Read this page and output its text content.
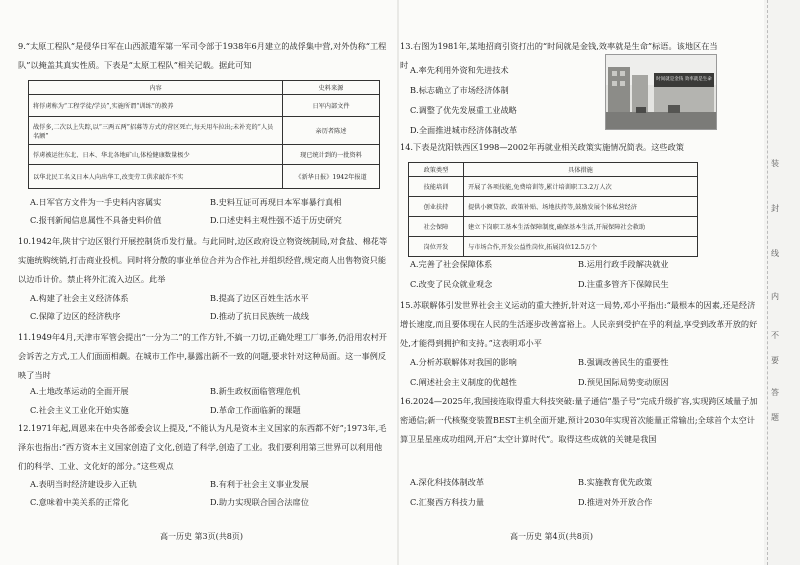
9.“太原工程队”是侵华日军在山西派遣军第一军司令部于1938年6月建立的战俘集中营,对外伪称“工程队”以掩盖其真实性质。下表是“太原工程队”相关记载。据此可知
内容	史料来源
将俘虏称为“工程学徒/学员”,实施所谓“训练”的教养	日军内部文件
战俘多,二次以上失踪,以“三两五两”招募等方式的营区死亡,每天用车拉出;未补充的“人员名额”	亲历者陈述
俘虏被运往东北、日本、华北各地矿山,体检健康数量极少	现已统计到的一批资料
以华北民工名义日本人向出华工,改变劳工供求敲诈不实	《新华日报》1942年报道
A.日军官方文件为一手史料内容属实	B.史料互证可再现日本军事暴行真相
C.报刊新闻信息属性不具备史料价值	D.口述史料主观性强不适于历史研究
10.1942年,陕甘宁边区银行开展控制货币发行量。与此同时,边区政府设立物资统制局,对食盐、棉花等实施统购统销,打击商业投机。同时将分散的事业单位合并为合作社,并组织经营,规定商人出售物资只能以边币计价。禁止将外汇流入边区。此举
A.构建了社会主义经济体系	B.提高了边区百姓生活水平
C.保障了边区的经济秩序	D.推动了抗日民族统一战线
11.1949年4月,天津市军管会提出“一分为二”的工作方针,不搞一刀切,正确处理工厂事务,仍沿用农村开会诉苦之方式,工人们面面相觑。在城市工作中,暴露出新不一致的问题,要求针对这种局面。这一事例反映了当时
A.土地改革运动的全面开展	B.新生政权面临管理危机
C.社会主义工业化开始实施	D.革命工作面临新的课题
12.1971年起,周恩来在中央各部委会议上提及,“不能认为凡是资本主义国家的东西都不好”;1973年,毛泽东也指出:“西方资本主义国家创造了文化,创造了科学,创造了工业。我们要利用第三世界可以利用他们的科学、工业、文化好的部分。”这些观点
A.表明当时经济建设步入正轨	B.有利于社会主义事业发展
C.意味着中美关系的正常化	D.助力实现联合国合法席位
高一历史 第3页(共8页)
13.右图为1981年,某地招商引资打出的“时间就是金钱,效率就是生命”标语。该地区在当时 A.率先利用外资和先进技术
B.标志确立了市场经济体制
C.调整了优先发展重工业战略
D.全面推进城市经济体制改革
时间就是金钱 效率就是生命
14.下表是沈阳铁西区1998—2002年再就业相关政策实施情况简表。这些政策
政策类型	具体措施
技能培训	开展了各项技能,免费培训等,累计培训职工3.2万人次
创业扶持	提供小额贷款、政策补贴、场地扶持等,鼓励发展个体私营经济
社会保障	建立下岗职工基本生活保障制度,确保基本生活,开展保障社会救助
岗位开发	与市场合作,开发公益性岗位,拓展岗位12.5万个
A.完善了社会保障体系	B.运用行政手段解决就业
C.改变了民众就业观念	D.注重多管齐下保障民生
15.苏联解体引发世界社会主义运动的重大挫折,针对这一局势,邓小平指出:“最根本的因素,还是经济增长速度,而且要体现在人民的生活逐步改善富裕上。人民亲到受护在乎的利益,享受到改革开放的好处,才能得到拥护和支持。”这表明邓小平
A.分析苏联解体对我国的影响	B.强调改善民生的重要性
C.阐述社会主义制度的优越性	D.预见国际局势变动原因
16.2024—2025年,我国接连取得重大科技突破:量子通信“墨子号”完成升级扩容,实现跨区域量子加密通信;新一代核聚变装置BEST主机全面开建,预计2030年实现首次能量正常输出;全球首个太空计算卫星星座成功组网,开启“太空计算时代”。取得这些成就的关键是我国
A.深化科技体制改革	B.实施教育优先政策
C.汇聚西方科技力量	D.推进对外开放合作
高一历史 第4页(共8页)
装
封
线
内
不
要
答
题
